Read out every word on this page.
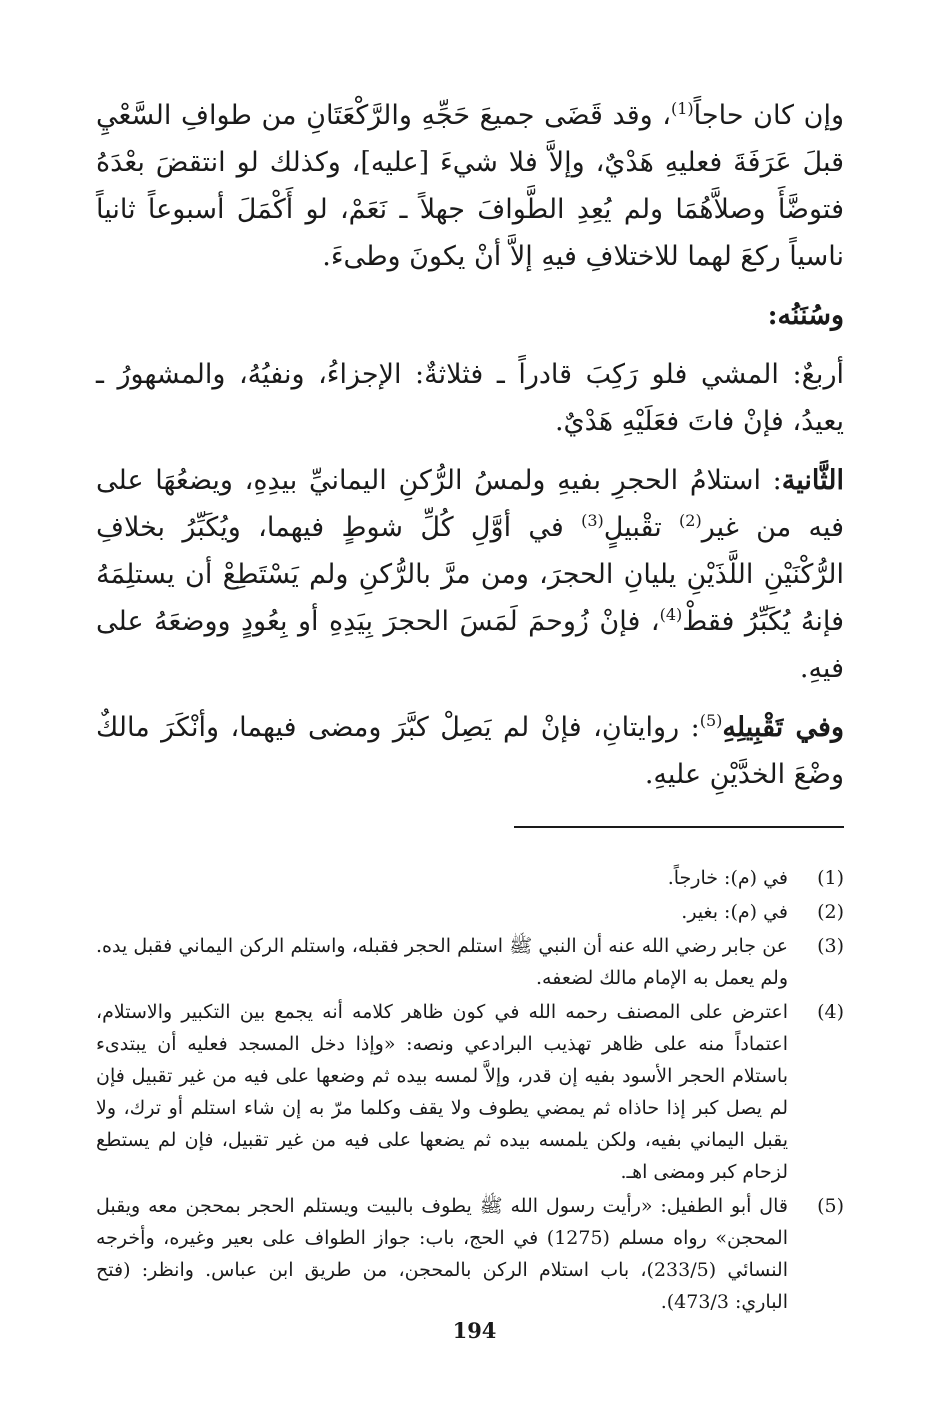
وإن كان حاجاً$^{(1)}$، وقد قَضَى جميعَ حَجِّهِ والرَّكْعَتَانِ من طوافِ السَّعْيِ قبلَ عَرَفَةَ فعليهِ هَدْيٌ، وإلاَّ فلا شيءَ [عليه]، وكذلك لو انتقضَ بعْدَهُ فتوضَّأَ وصلاَّهُمَا ولم يُعِدِ الطَّوافَ جهلاً ـ نَعَمْ، لو أَكْمَلَ أسبوعاً ثانياً ناسياً ركعَ لهما للاختلافِ فيهِ إلاَّ أنْ يكونَ وطىءَ.

وسُنَنُه:

أربعٌ: المشي فلو رَكِبَ قادراً ـ فثلاثةٌ: الإجزاءُ، ونفيُهُ، والمشهورُ ـ يعيدُ، فإنْ فاتَ فعَلَيْهِ هَدْيٌ.

الثَّانية: استلامُ الحجرِ بفيهِ ولمسُ الرُّكنِ اليمانيِّ بيدِهِ، ويضعُهَا على فيه من غير$^{(2)}$ تقْبيلٍ$^{(3)}$ في أوَّلِ كُلِّ شوطٍ فيهما، ويُكَبِّرُ بخلافِ الرُّكْنَيْنِ اللَّذَيْنِ يليانِ الحجرَ، ومن مرَّ بالرُّكنِ ولم يَسْتَطِعْ أن يستلِمَهُ فإنهُ يُكَبِّرُ فقطْ$^{(4)}$، فإنْ زُوحمَ لَمَسَ الحجرَ بِيَدِهِ أو بِعُودٍ ووضعَهُ على فيهِ.

وفي تَقْبِيلِهِ$^{(5)}$: روايتانِ، فإنْ لم يَصِلْ كبَّرَ ومضى فيهما، وأنْكَرَ مالكٌ وضْعَ الخدَّيْنِ عليهِ.

(1)
في (م): خارجاً.
(2)
في (م): بغير.
(3)
عن جابر رضي الله عنه أن النبي ﷺ استلم الحجر فقبله، واستلم الركن اليماني فقبل يده. ولم يعمل به الإمام مالك لضعفه.
(4)
اعترض على المصنف رحمه الله في كون ظاهر كلامه أنه يجمع بين التكبير والاستلام، اعتماداً منه على ظاهر تهذيب البرادعي ونصه: «وإذا دخل المسجد فعليه أن يبتدىء باستلام الحجر الأسود بفيه إن قدر، وإلاَّ لمسه بيده ثم وضعها على فيه من غير تقبيل فإن لم يصل كبر إذا حاذاه ثم يمضي يطوف ولا يقف وكلما مرّ به إن شاء استلم أو ترك، ولا يقبل اليماني بفيه، ولكن يلمسه بيده ثم يضعها على فيه من غير تقبيل، فإن لم يستطع لزحام كبر ومضى اهـ.
(5)
قال أبو الطفيل: «رأيت رسول الله ﷺ يطوف بالبيت ويستلم الحجر بمحجن معه ويقبل المحجن» رواه مسلم (1275) في الحج، باب: جواز الطواف على بعير وغيره، وأخرجه النسائي (233/5)، باب استلام الركن بالمحجن، من طريق ابن عباس. وانظر: (فتح الباري: 473/3).
194
